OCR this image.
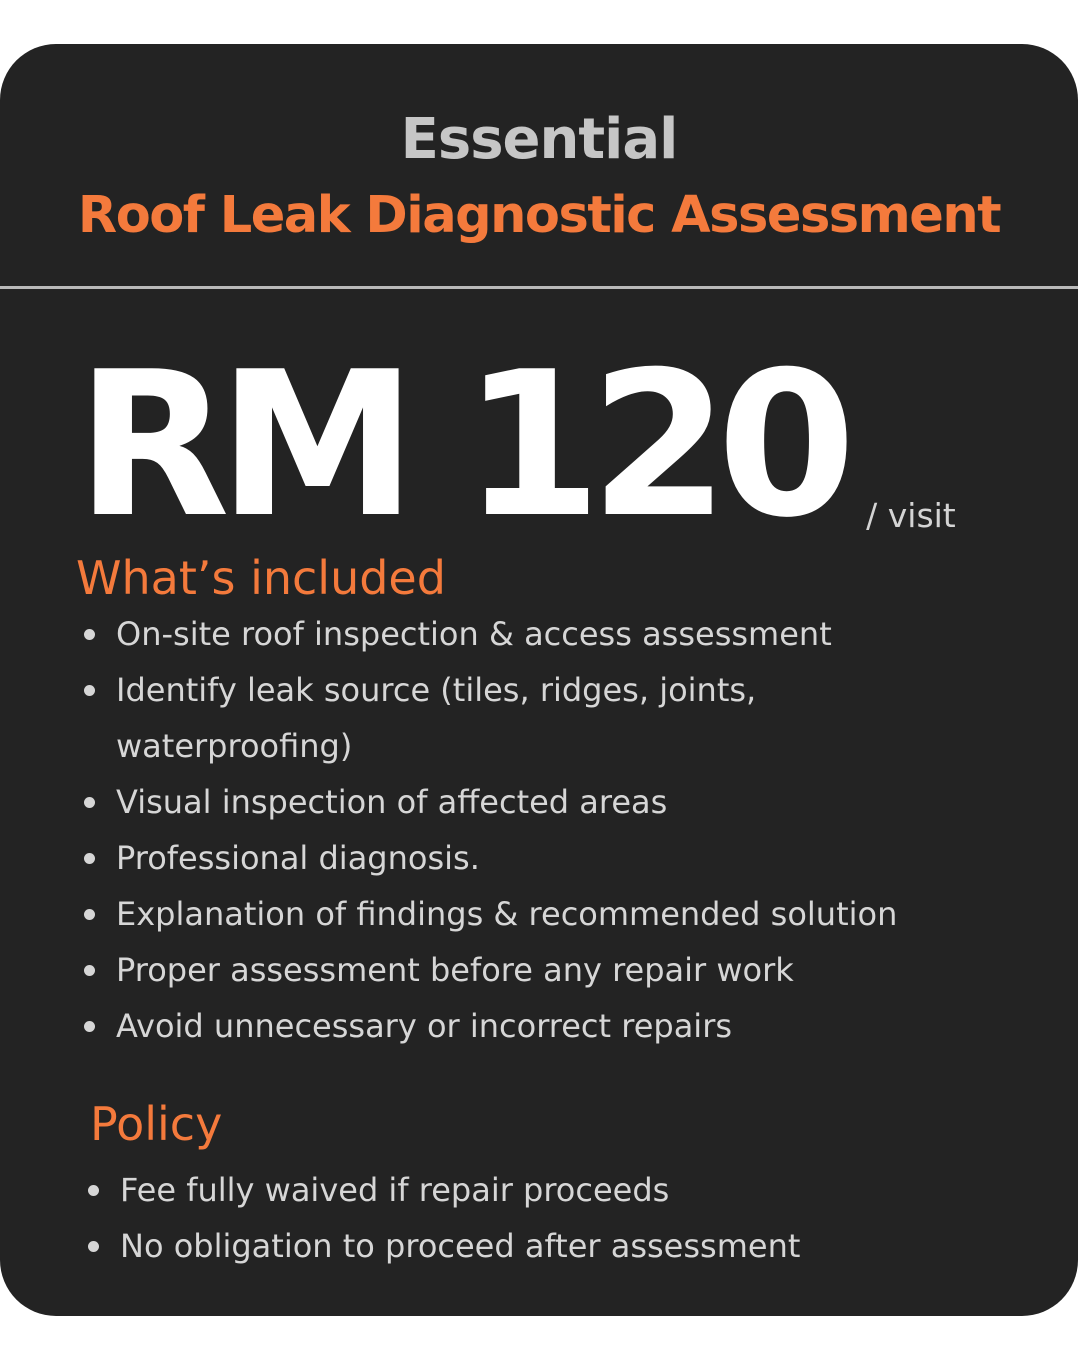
Essential
Roof Leak Diagnostic Assessment
RM 120 / visit
What’s included
On-site roof inspection & access assessment
Identify leak source (tiles, ridges, joints,
waterproofing)
Visual inspection of affected areas
Professional diagnosis.
Explanation of findings & recommended solution
Proper assessment before any repair work
Avoid unnecessary or incorrect repairs
Policy
Fee fully waived if repair proceeds
No obligation to proceed after assessment
